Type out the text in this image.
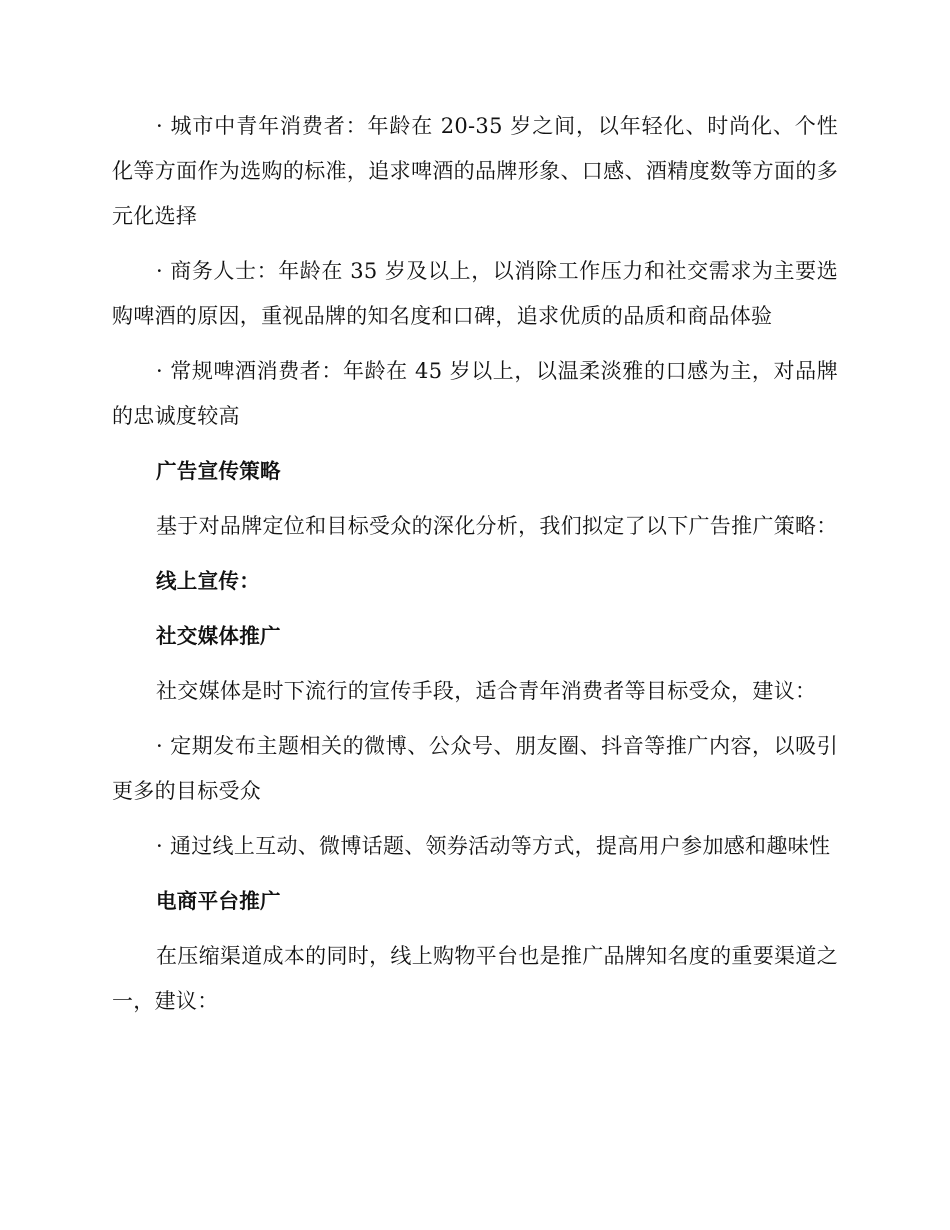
· 城市中青年消费者：年龄在 20-35 岁之间，以年轻化、时尚化、个性化等方面作为选购的标准，追求啤酒的品牌形象、口感、酒精度数等方面的多元化选择

· 商务人士：年龄在 35 岁及以上，以消除工作压力和社交需求为主要选购啤酒的原因，重视品牌的知名度和口碑，追求优质的品质和商品体验

· 常规啤酒消费者：年龄在 45 岁以上，以温柔淡雅的口感为主，对品牌的忠诚度较高

广告宣传策略

基于对品牌定位和目标受众的深化分析，我们拟定了以下广告推广策略：

线上宣传：

社交媒体推广

社交媒体是时下流行的宣传手段，适合青年消费者等目标受众，建议：

· 定期发布主题相关的微博、公众号、朋友圈、抖音等推广内容，以吸引更多的目标受众

· 通过线上互动、微博话题、领券活动等方式，提高用户参加感和趣味性

电商平台推广

在压缩渠道成本的同时，线上购物平台也是推广品牌知名度的重要渠道之一，建议：
